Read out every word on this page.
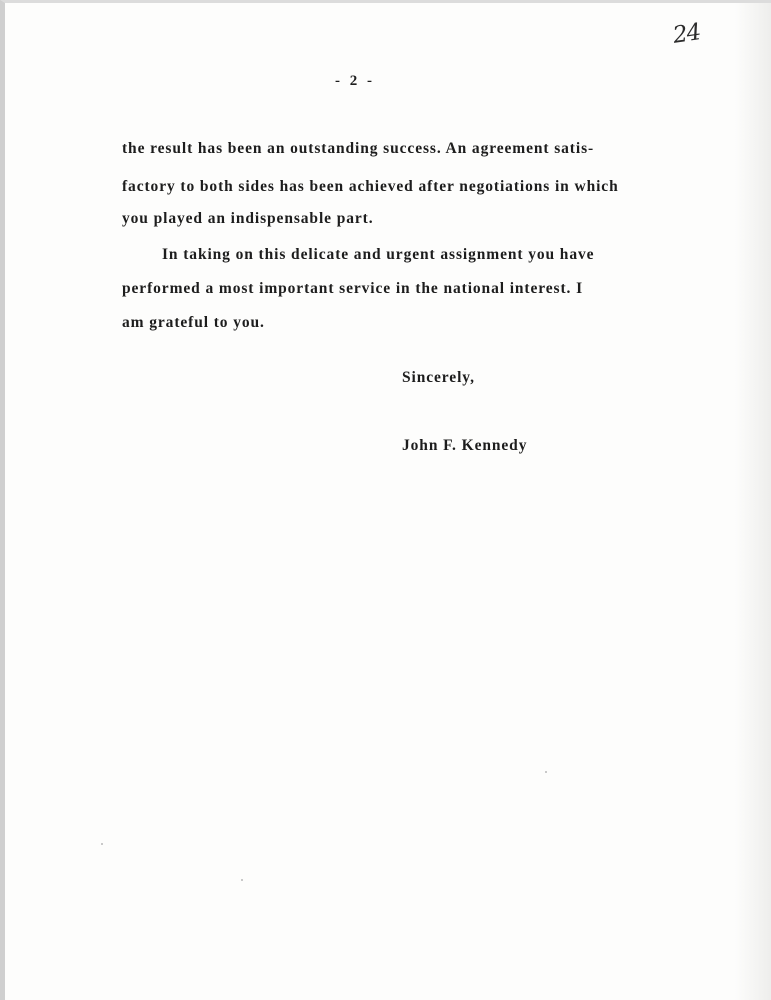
24
- 2 -
the result has been an outstanding success. An agreement satis-
factory to both sides has been achieved after negotiations in which
you played an indispensable part.
In taking on this delicate and urgent assignment you have
performed a most important service in the national interest. I
am grateful to you.
Sincerely,
John F. Kennedy
